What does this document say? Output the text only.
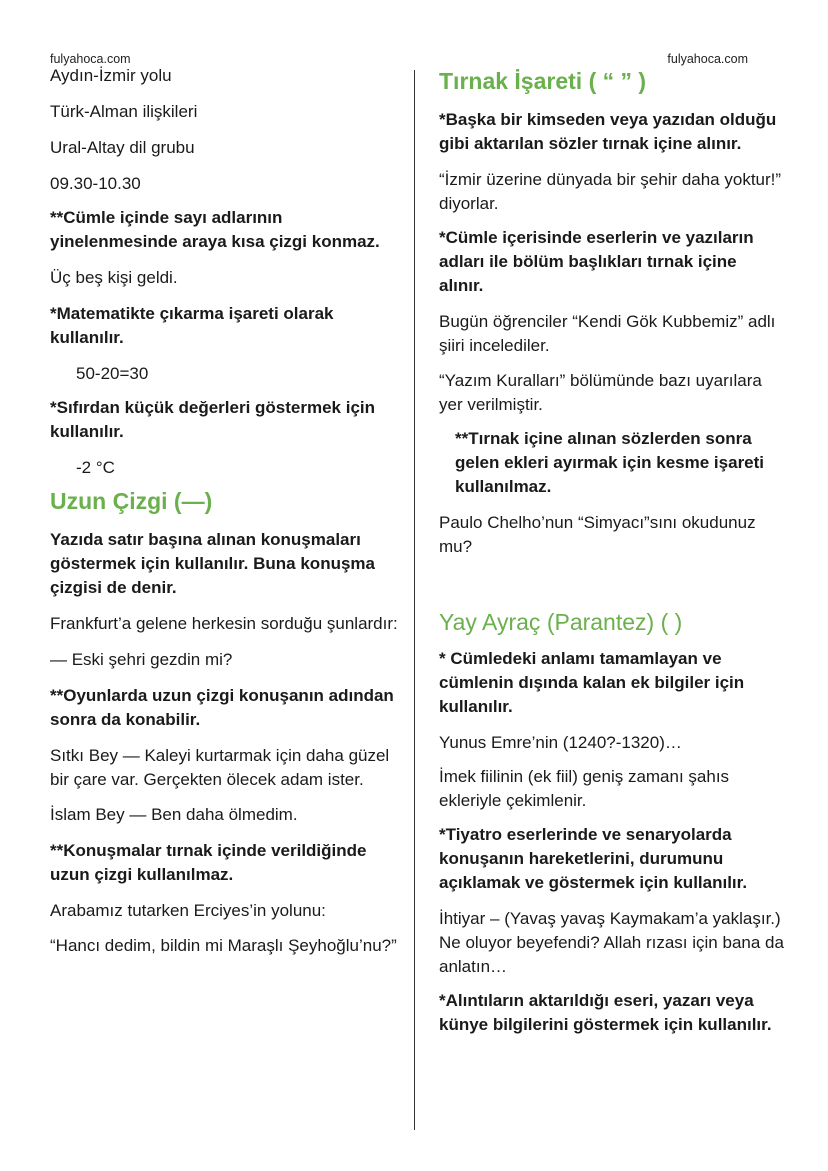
fulyahoca.com	fulyahoca.com

Aydın-İzmir yolu

Türk-Alman ilişkileri

Ural-Altay dil grubu

09.30-10.30

**Cümle içinde sayı adlarının yinelenmesinde araya kısa çizgi konmaz.

Üç beş kişi geldi.

*Matematikte çıkarma işareti olarak kullanılır.

50-20=30

*Sıfırdan küçük değerleri göstermek için kullanılır.

-2 °C

Uzun Çizgi (—)

Yazıda satır başına alınan konuşmaları göstermek için kullanılır. Buna konuşma çizgisi de denir.

Frankfurt’a gelene herkesin sorduğu şunlardır:

— Eski şehri gezdin mi?

**Oyunlarda uzun çizgi konuşanın adından sonra da konabilir.

Sıtkı Bey — Kaleyi kurtarmak için daha güzel bir çare var. Gerçekten ölecek adam ister.

İslam Bey — Ben daha ölmedim.

**Konuşmalar tırnak içinde verildiğinde uzun çizgi kullanılmaz.

Arabamız tutarken Erciyes’in yolunu:

“Hancı dedim, bildin mi Maraşlı Şeyhoğlu’nu?”

Tırnak İşareti ( “ ” )

*Başka bir kimseden veya yazıdan olduğu gibi aktarılan sözler tırnak içine alınır.

“İzmir üzerine dünyada bir şehir daha yoktur!” diyorlar.

*Cümle içerisinde eserlerin ve yazıların adları ile bölüm başlıkları tırnak içine alınır.

Bugün öğrenciler “Kendi Gök Kubbemiz” adlı şiiri incelediler.

“Yazım Kuralları” bölümünde bazı uyarılara yer verilmiştir.

**Tırnak içine alınan sözlerden sonra gelen ekleri ayırmak için kesme işareti kullanılmaz.

Paulo Chelho’nun “Simyacı”sını okudunuz mu?

Yay Ayraç (Parantez) ( )

* Cümledeki anlamı tamamlayan ve cümlenin dışında kalan ek bilgiler için kullanılır.

Yunus Emre’nin (1240?-1320)…

İmek fiilinin (ek fiil) geniş zamanı şahıs ekleriyle çekimlenir.

*Tiyatro eserlerinde ve senaryolarda konuşanın hareketlerini, durumunu açıklamak ve göstermek için kullanılır.

İhtiyar – (Yavaş yavaş Kaymakam’a yaklaşır.) Ne oluyor beyefendi? Allah rızası için bana da anlatın…

*Alıntıların aktarıldığı eseri, yazarı veya künye bilgilerini göstermek için kullanılır.
